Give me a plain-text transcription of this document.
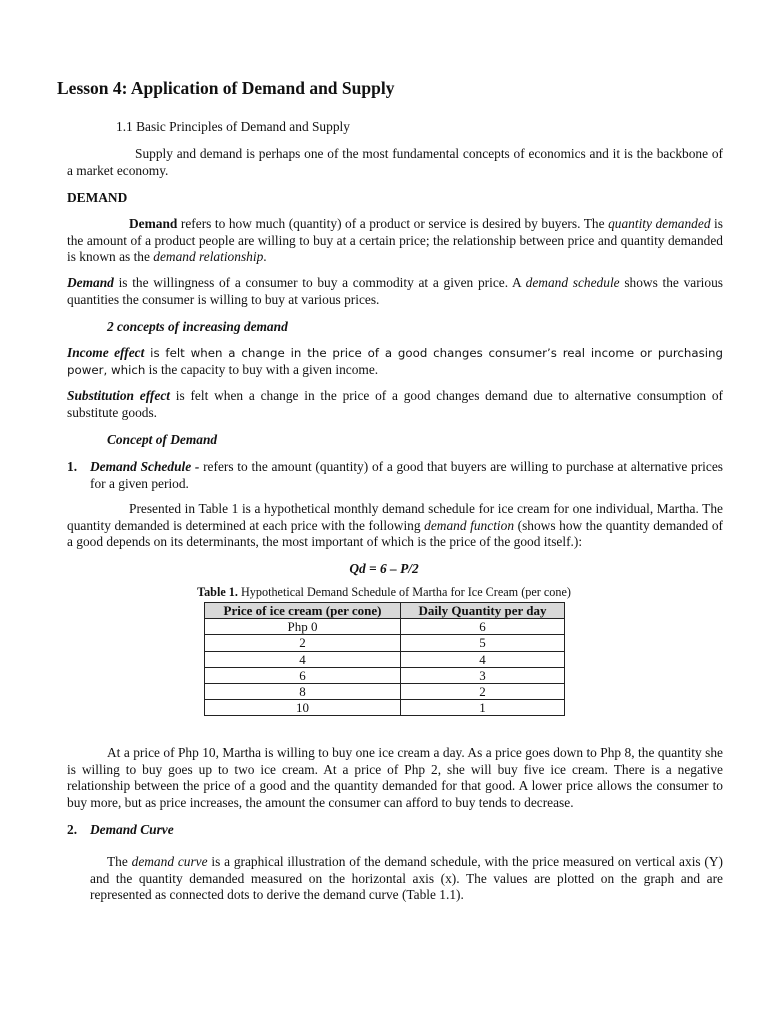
Lesson 4: Application of Demand and Supply

1.1 Basic Principles of Demand and Supply

Supply and demand is perhaps one of the most fundamental concepts of economics and it is the backbone of a market economy.

DEMAND

Demand refers to how much (quantity) of a product or service is desired by buyers. The quantity demanded is the amount of a product people are willing to buy at a certain price; the relationship between price and quantity demanded is known as the demand relationship.

Demand is the willingness of a consumer to buy a commodity at a given price. A demand schedule shows the various quantities the consumer is willing to buy at various prices.

2 concepts of increasing demand

Income effect is felt when a change in the price of a good changes consumer’s real income or purchasing power, which is the capacity to buy with a given income.

Substitution effect is felt when a change in the price of a good changes demand due to alternative consumption of substitute goods.

Concept of Demand

1. Demand Schedule - refers to the amount (quantity) of a good that buyers are willing to purchase at alternative prices for a given period.

Presented in Table 1 is a hypothetical monthly demand schedule for ice cream for one individual, Martha. The quantity demanded is determined at each price with the following demand function (shows how the quantity demanded of a good depends on its determinants, the most important of which is the price of the good itself.):

Qd = 6 – P/2

Table 1. Hypothetical Demand Schedule of Martha for Ice Cream (per cone)

Price of ice cream (per cone)	Daily Quantity per day
Php 0	6
2	5
4	4
6	3
8	2
10	1

At a price of Php 10, Martha is willing to buy one ice cream a day. As a price goes down to Php 8, the quantity she is willing to buy goes up to two ice cream. At a price of Php 2, she will buy five ice cream. There is a negative relationship between the price of a good and the quantity demanded for that good. A lower price allows the consumer to buy more, but as price increases, the amount the consumer can afford to buy tends to decrease.

2. Demand Curve

The demand curve is a graphical illustration of the demand schedule, with the price measured on vertical axis (Y) and the quantity demanded measured on the horizontal axis (x). The values are plotted on the graph and are represented as connected dots to derive the demand curve (Table 1.1).
